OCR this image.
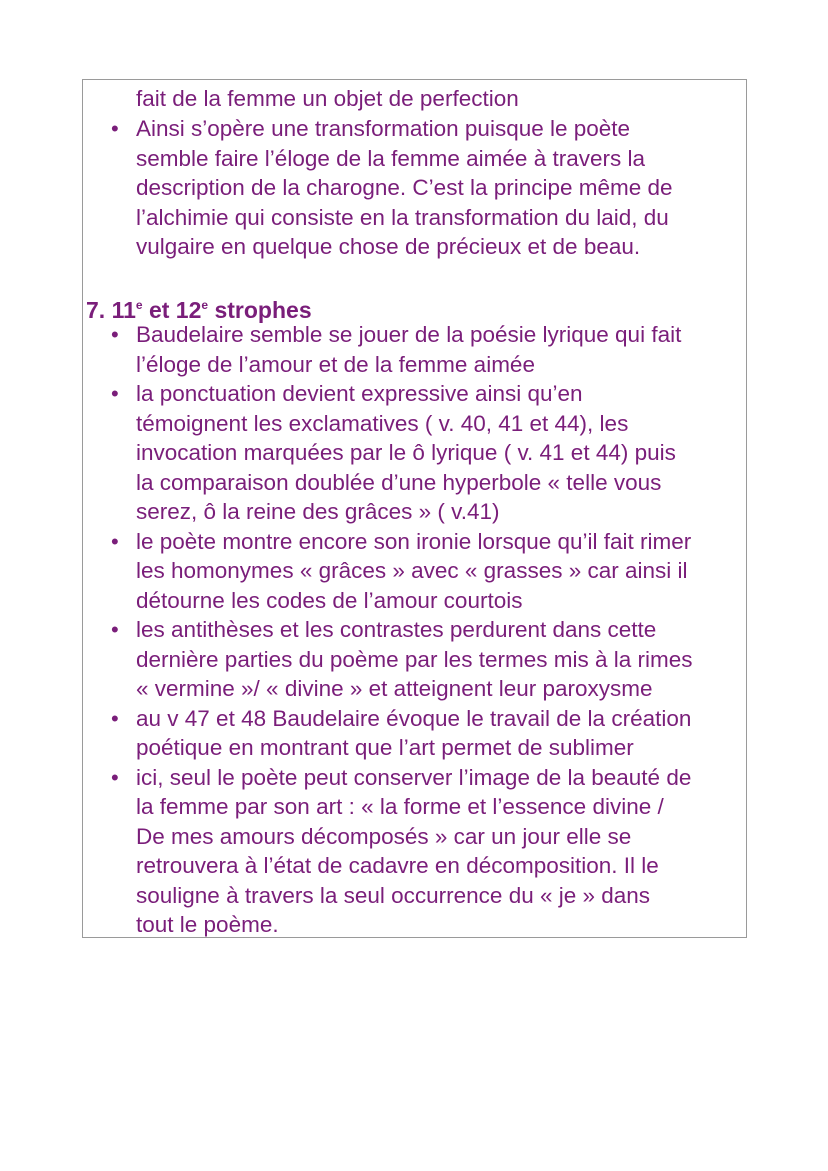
fait de la femme un objet de perfection
• Ainsi s’opère une transformation puisque le poète
semble faire l’éloge de la femme aimée à travers la
description de la charogne. C’est la principe même de
l’alchimie qui consiste en la transformation du laid, du
vulgaire en quelque chose de précieux et de beau.
7. 11e et 12e strophes
• Baudelaire semble se jouer de la poésie lyrique qui fait
l’éloge de l’amour et de la femme aimée
• la ponctuation devient expressive ainsi qu’en
témoignent les exclamatives ( v. 40, 41 et 44), les
invocation marquées par le ô lyrique ( v. 41 et 44) puis
la comparaison doublée d’une hyperbole « telle vous
serez, ô la reine des grâces » ( v.41)
• le poète montre encore son ironie lorsque qu’il fait rimer
les homonymes « grâces » avec « grasses » car ainsi il
détourne les codes de l’amour courtois
• les antithèses et les contrastes perdurent dans cette
dernière parties du poème par les termes mis à la rimes
« vermine »/ « divine » et atteignent leur paroxysme
• au v 47 et 48 Baudelaire évoque le travail de la création
poétique en montrant que l’art permet de sublimer
• ici, seul le poète peut conserver l’image de la beauté de
la femme par son art : « la forme et l’essence divine /
De mes amours décomposés » car un jour elle se
retrouvera à l’état de cadavre en décomposition. Il le
souligne à travers la seul occurrence du « je » dans
tout le poème.
